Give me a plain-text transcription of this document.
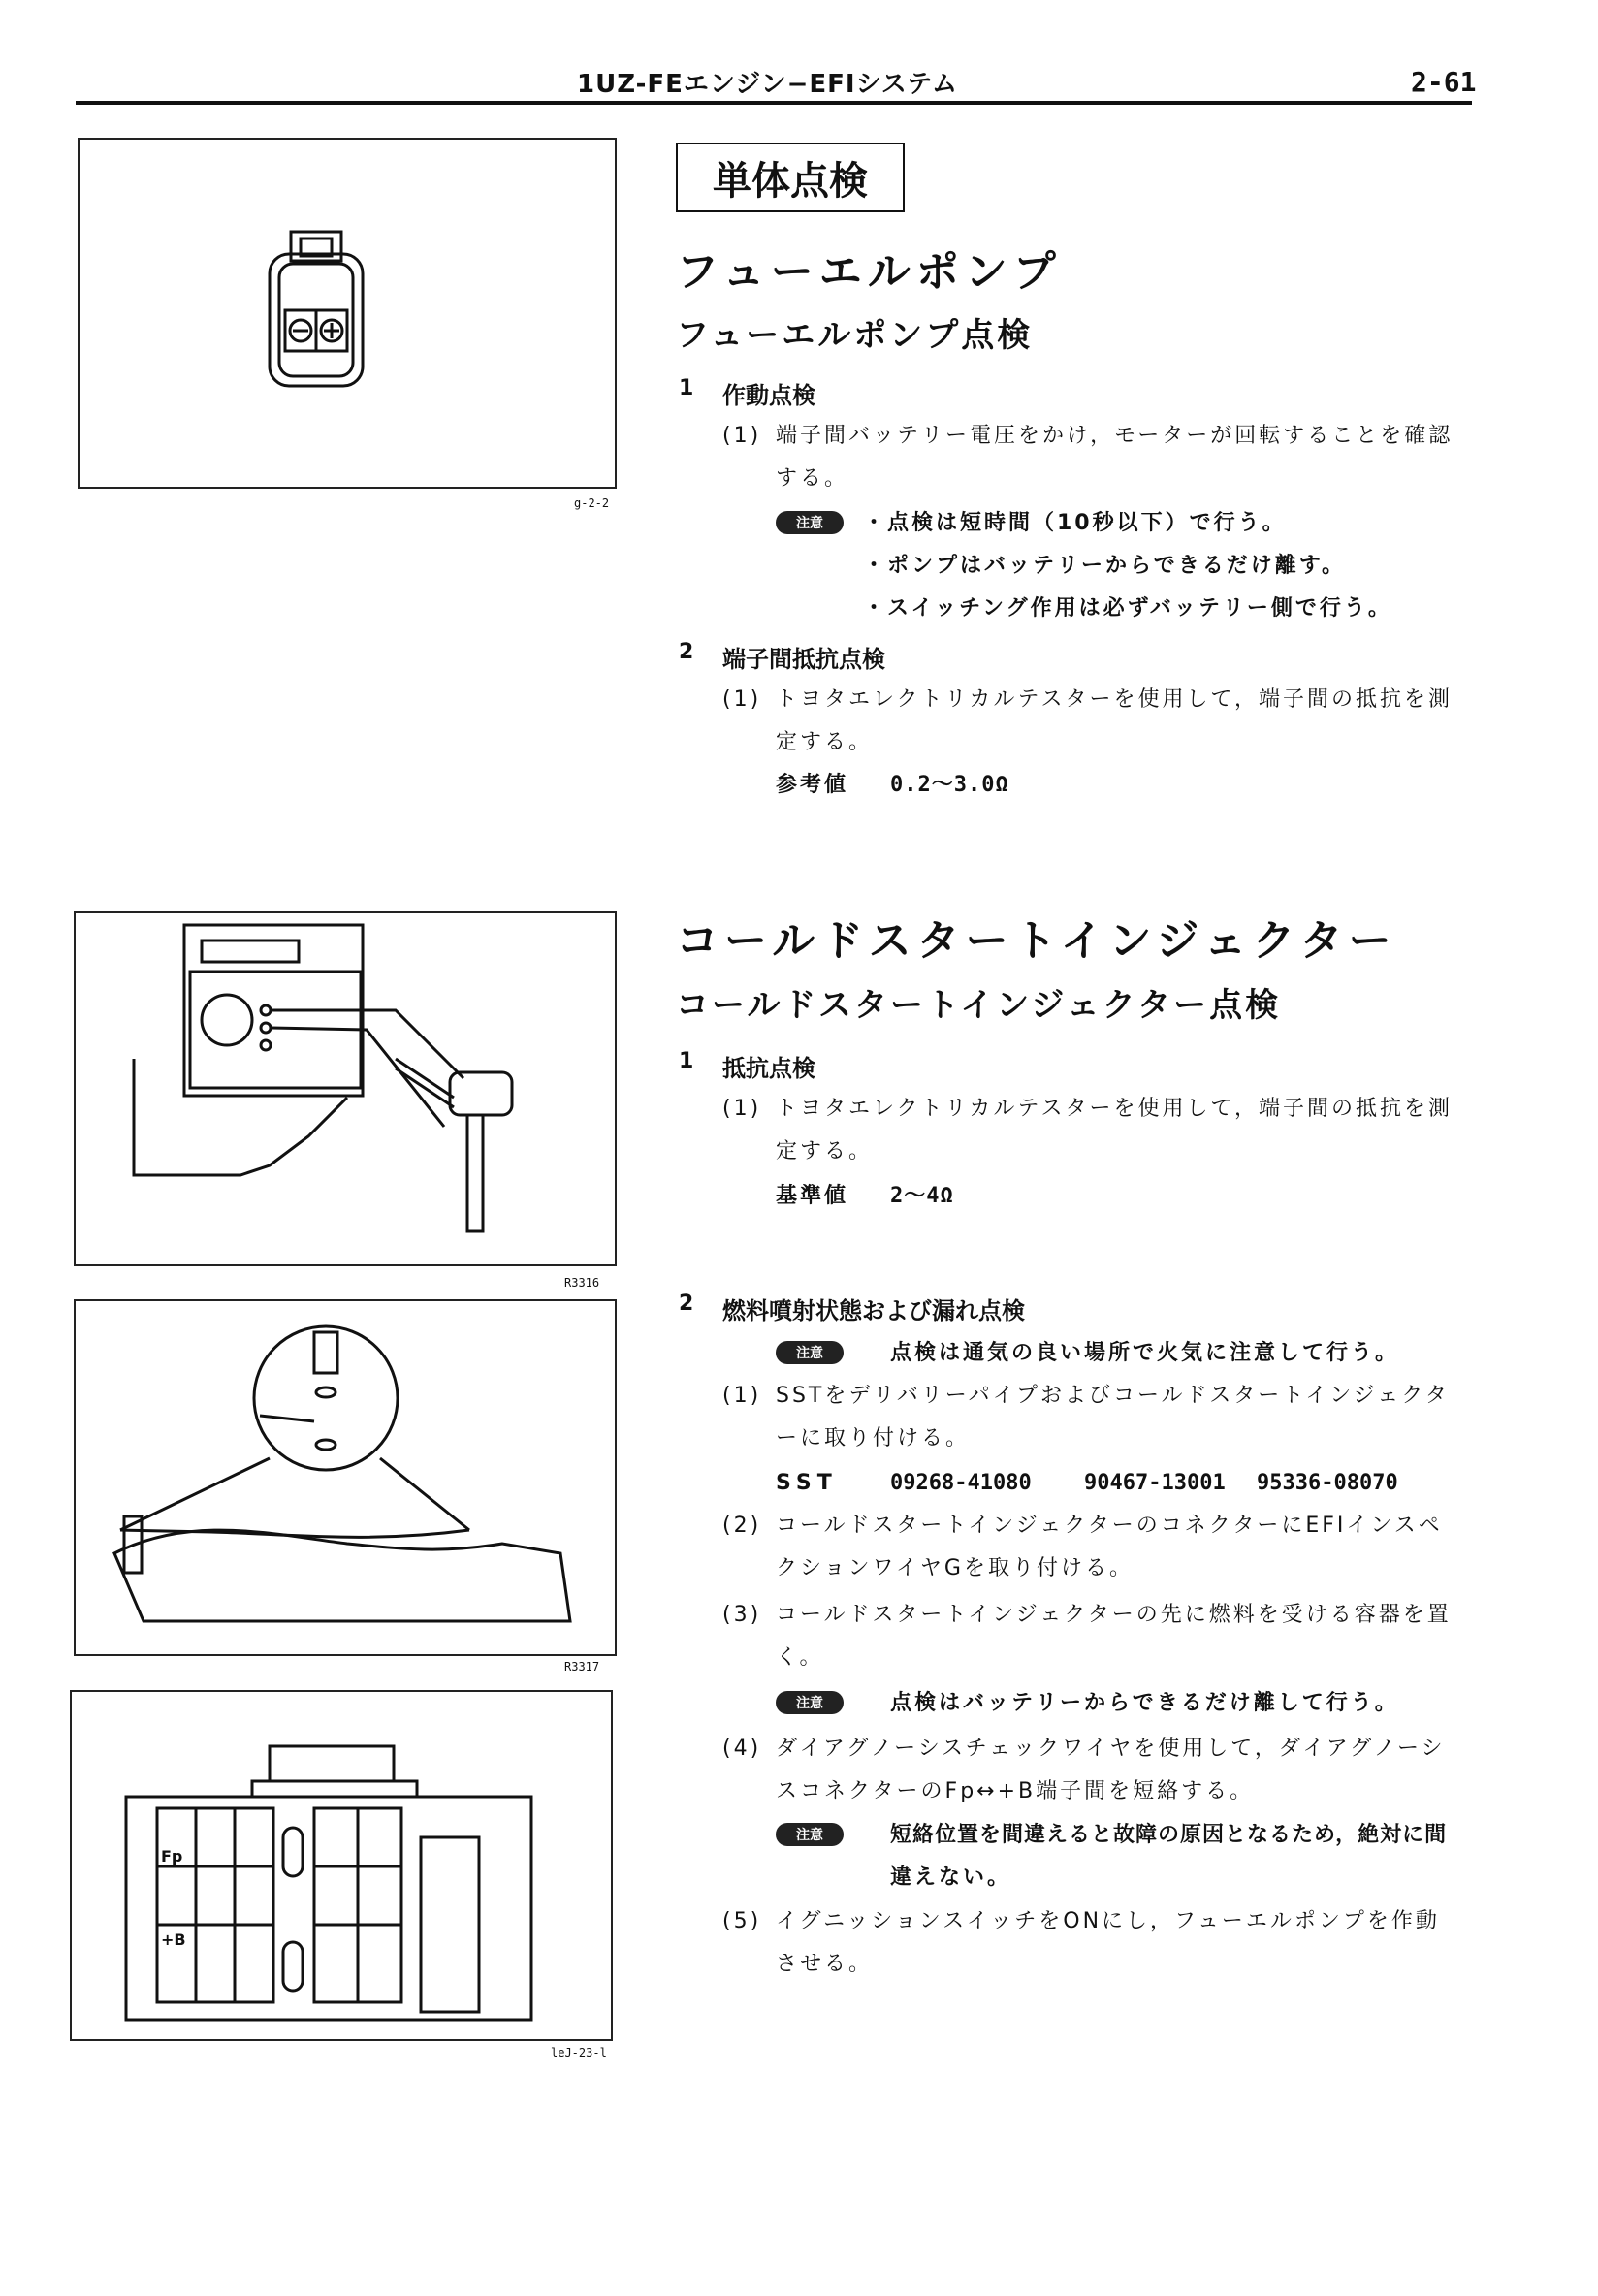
1UZ-FEエンジン−EFIシステム	2-61
g-2-2
単体点検
フューエルポンプ
フューエルポンプ点検
1 作動点検
(1) 端子間バッテリー電圧をかけ，モーターが回転することを確認
する。
注意	・点検は短時間（10秒以下）で行う。
・ポンプはバッテリーからできるだけ離す。
・スイッチング作用は必ずバッテリー側で行う。
2 端子間抵抗点検
(1) トヨタエレクトリカルテスターを使用して，端子間の抵抗を測
定する。
参考値 0.2〜3.0Ω
R3316
R3317
Fp
+B
leJ-23-l
コールドスタートインジェクター
コールドスタートインジェクター点検
1 抵抗点検
(1) トヨタエレクトリカルテスターを使用して，端子間の抵抗を測
定する。
基準値 2〜4Ω
2 燃料噴射状態および漏れ点検
注意	点検は通気の良い場所で火気に注意して行う。
(1) SSTをデリバリーパイプおよびコールドスタートインジェクタ
ーに取り付ける。
SST 09268-41080 90467-13001 95336-08070
(2) コールドスタートインジェクターのコネクターにEFIインスペ
クションワイヤGを取り付ける。
(3) コールドスタートインジェクターの先に燃料を受ける容器を置
く。
注意	点検はバッテリーからできるだけ離して行う。
(4) ダイアグノーシスチェックワイヤを使用して，ダイアグノーシ
スコネクターのFp↔+B端子間を短絡する。
注意	短絡位置を間違えると故障の原因となるため，絶対に間
違えない。
(5) イグニッションスイッチをONにし，フューエルポンプを作動
させる。
